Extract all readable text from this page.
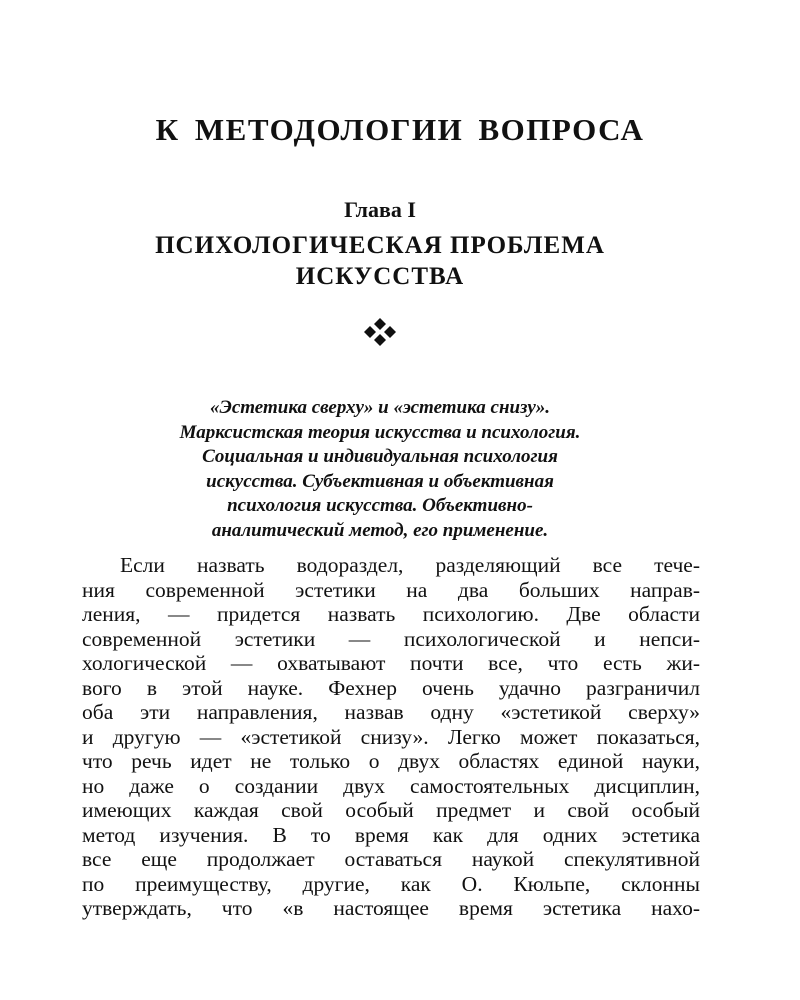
К МЕТОДОЛОГИИ ВОПРОСА
Глава I
ПСИХОЛОГИЧЕСКАЯ ПРОБЛЕМА
ИСКУССТВА
«Эстетика сверху» и «эстетика снизу».
Марксистская теория искусства и психология.
Социальная и индивидуальная психология
искусства. Субъективная и объективная
психология искусства. Объективно-
аналитический метод, его применение.
Если назвать водораздел, разделяющий все тече-
ния современной эстетики на два больших направ-
ления, — придется назвать психологию. Две области
современной эстетики — психологической и непси-
хологической — охватывают почти все, что есть жи-
вого в этой науке. Фехнер очень удачно разграничил
оба эти направления, назвав одну «эстетикой сверху»
и другую — «эстетикой снизу». Легко может показаться,
что речь идет не только о двух областях единой науки,
но даже о создании двух самостоятельных дисциплин,
имеющих каждая свой особый предмет и свой особый
метод изучения. В то время как для одних эстетика
все еще продолжает оставаться наукой спекулятивной
по преимуществу, другие, как О. Кюльпе, склонны
утверждать, что «в настоящее время эстетика нахо-
